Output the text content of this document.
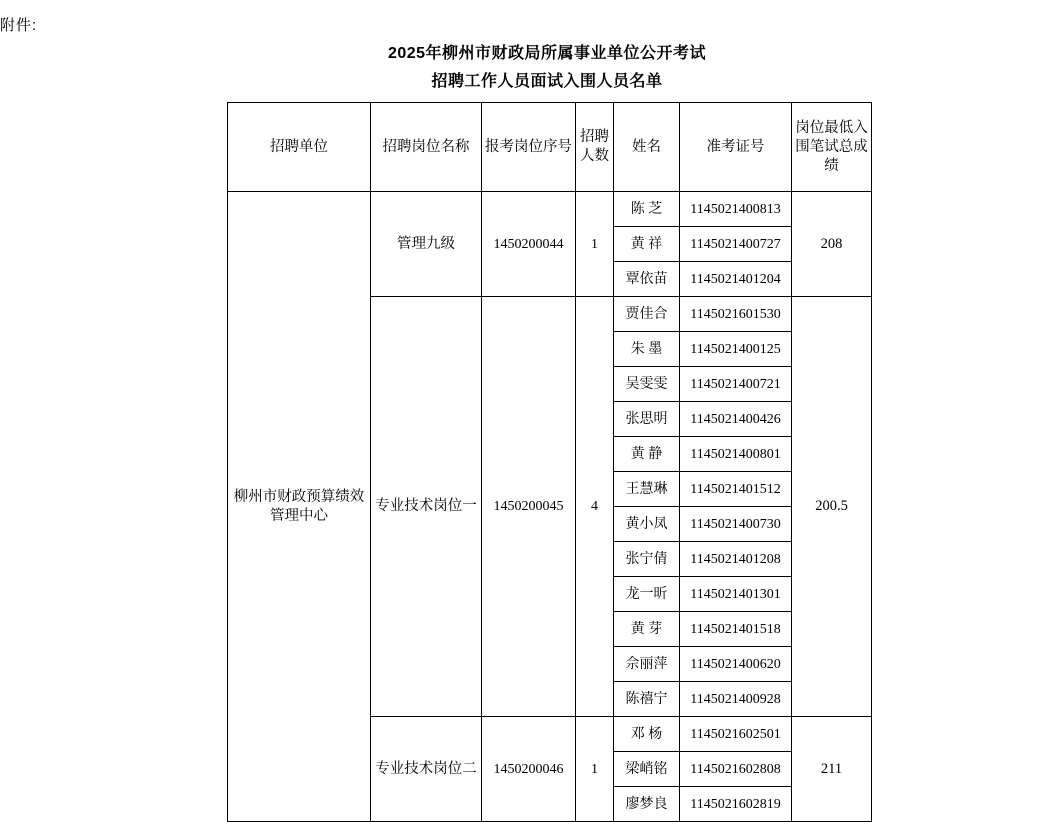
附件:
2025年柳州市财政局所属事业单位公开考试
招聘工作人员面试入围人员名单
招聘单位	招聘岗位名称	报考岗位序号	招聘人数	姓名	准考证号	岗位最低入围笔试总成绩
柳州市财政预算绩效管理中心	管理九级	1450200044	1	陈 芝	1145021400813	208
				黄 祥	1145021400727	
				覃依苗	1145021401204	
	专业技术岗位一	1450200045	4	贾佳合	1145021601530	200.5
				朱 墨	1145021400125	
				吴雯雯	1145021400721	
				张思明	1145021400426	
				黄 静	1145021400801	
				王慧琳	1145021401512	
				黄小凤	1145021400730	
				张宁倩	1145021401208	
				龙一昕	1145021401301	
				黄 芽	1145021401518	
				佘丽萍	1145021400620	
				陈禧宁	1145021400928	
	专业技术岗位二	1450200046	1	邓 杨	1145021602501	211
				梁峭铭	1145021602808	
				廖梦良	1145021602819	
